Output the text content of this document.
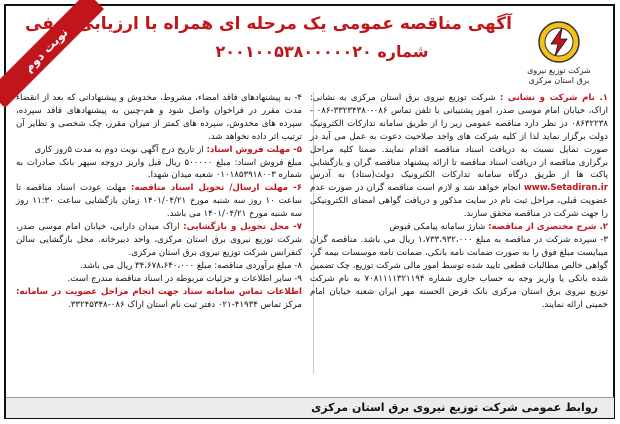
نوبت دوم	شرکت توزیع نیروی برق استان مرکزی
آگهی مناقصه عمومی یک مرحله ای همراه با ارزیابی کیفی
شماره ۲۰۰۱۰۰۵۳۸۰۰۰۰۰۲۰

۱. نام شرکت و نشانی : شرکت توزیع نیروی برق استان مرکزی به نشانی: اراک، خیابان امام موسی صدر، امور پشتیبانی با تلفن تماس ۰۸۶-۳۳۲۳۴۳۸۰-۰۸۶ - ۰۸۶۳۲۲۳۸ در نظر دارد مناقصه عمومی زیر را از طریق سامانه تدارکات الکترونیک دولت برگزار نماید لذا از کلیه شرکت های واجد صلاحیت دعوت به عمل می آید در صورت تمایل نسبت به دریافت اسناد مناقصه اقدام نمایند. ضمنا کلیه مراحل برگزاری مناقصه از دریافت اسناد مناقصه تا ارائه پیشنهاد مناقصه گران و بازگشایی پاکت ها از طریق درگاه سامانه تدارکات الکترونیک دولت(ستاد) به آدرس www.Setadiran.ir انجام خواهد شد و لازم است مناقصه گران در صورت عدم عضویت قبلی، مراحل ثبت نام در سایت مذکور و دریافت گواهی امضای الکترونیکی را جهت شرکت در مناقصه محقق سازند.

۲. شرح مختصری از مناقصه: شارژ سامانه پیامکی قبوض

۳- سپرده شرکت در مناقصه به مبلغ ۱،۷۳۳،۹۳۲،۰۰۰ ریال می باشد. مناقصه گران میبایست مبلغ فوق را به صورت ضمانت نامه بانکی، ضمانت نامه موسسات بیمه گر، گواهی خالص مطالبات قطعی تایید شده توسط امور مالی شرکت توزیع، چک تضمین شده بانکی یا واریز وجه به حساب جاری شماره ۷۰۸۱۱۱۱۳۲۱۱۹۴ به نام شرکت توزیع نیروی برق استان مرکزی بانک قرض الحسنه مهر ایران شعبه خیابان امام خمینی ارائه نمایند.

۴- به پیشنهادهای فاقد امضاء، مشروط، مخدوش و پیشنهاداتی که بعد از انقضاء مدت مقرر در فراخوان واصل شود و هم-چنین به پیشنهادهای فاقد سپرده، سپرده های مخدوش، سپرده های کمتر از میزان مقرر، چک شخصی و نظایر آن ترتیب اثر داده نخواهد شد.

۵- مهلت فروش اسناد: از تاریخ درج آگهی نوبت دوم به مدت ۵روز کاری

مبلغ فروش اسناد: مبلغ ۵۰۰۰۰۰ ریال قبل واریز دروجه سپهر بانک صادرات به شماره ۰۱۰۱۸۵۳۹۱۸۰۰۳ شعبه میدان شهدا.

۶- مهلت ارسال/ تحویل اسناد مناقصه: مهلت عودت اسناد مناقصه تا ساعت ۱۰ روز سه شنبه مورخ ۱۴۰۱/۰۴/۲۱ زمان بازگشایی ساعت ۱۱:۳۰ روز سه شنبه مورخ ۱۴۰۱/۰۴/۲۱ می باشد.

۷- محل تحویل و بازگشایی: اراک میدان دارایی، خیابان امام موسی صدر، شرکت توزیع نیروی برق استان مرکزی، واحد دبیرخانه. محل بازگشایی سالن کنفرانس شرکت توزیع نیروی برق استان مرکزی.

۸- مبلغ برآوردی مناقصه: مبلغ ۳۴،۶۷۸،۶۴۰،۰۰۰ ریال می باشد.

۹- سایر اطلاعات و جزئیات مربوطه در اسناد مناقصه مندرج است.

اطلاعات تماس سامانه ستاد جهت انجام مراحل عضویت در سامانه: مرکز تماس ۴۱۹۳۴-۰۲۱ دفتر ثبت نام استان اراک ۰۸۶-۳۳۲۴۵۳۴۸.

روابط عمومی شرکت توزیع نیروی برق استان مرکزی
